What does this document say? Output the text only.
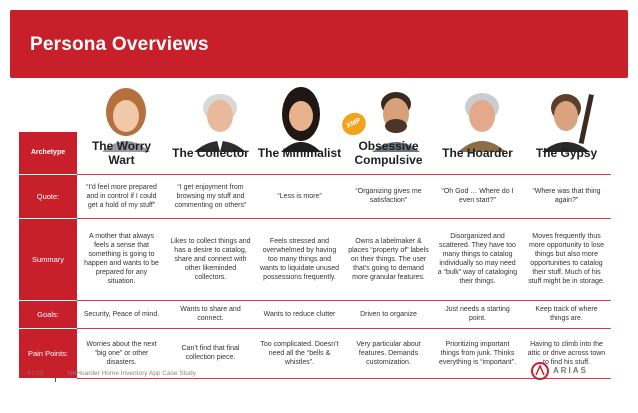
Persona Overviews
XMP
Archetype	The Worry Wart	The Collector	The Minimalist	Obsessive Compulsive	The Hoarder	The Gypsy
Quote:	“I’d feel more prepared and in control if I could get a hold of my stuff”	“I get enjoyment from browsing my stuff and commenting on others”	“Less is more”	“Organizing gives me satisfaction”	“Oh God … Where do I even start?”	“Where was that thing again?”
Summary	A mother that always feels a sense that something is going to happen and wants to be prepared for any situation.	Likes to collect things and has a desire to catalog, share and connect with other likeminded collectors.	Feels stressed and overwhelmed by having too many things and wants to liquidate unused possessions frequently.	Owns a labelmaker & places “property of” labels on their things. The user that’s going to demand more granular features.	Disorganized and scattered. They have too many things to catalog individually so may need a “bulk” way of cataloging their things.	Moves frequently thus more opportunity to lose things but also more opportunities to catalog their stuff. Much of his stuff might be in storage.
Goals:	Security, Peace of mind.	Wants to share and connect.	Wants to reduce clutter	Driven to organize	Just needs a starting point.	Keep track of where things are.
Pain Points:	Worries about the next “big one” or other disasters.	Can’t find that final collection piece.	Too complicated. Doesn’t need all the “bells & whistles”.	Very particular about features. Demands customization.	Prioritizing important things from junk. Thinks everything is “important”.	Having to climb into the attic or drive across town to find his stuff.
4 / 23	UnHoarder Home Inventory App Case Study	ARIAS
